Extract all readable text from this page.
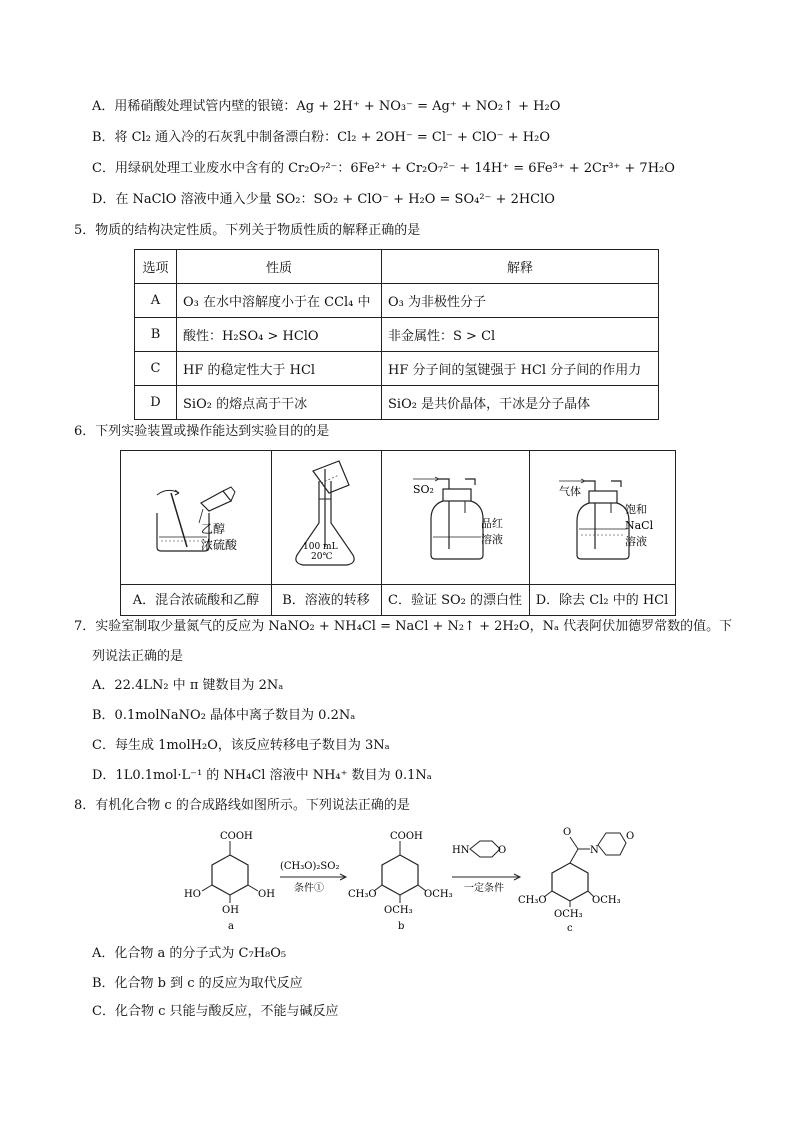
A．用稀硝酸处理试管内壁的银镜：Ag + 2H⁺ + NO₃⁻ = Ag⁺ + NO₂↑ + H₂O
B．将 Cl₂ 通入冷的石灰乳中制备漂白粉：Cl₂ + 2OH⁻ = Cl⁻ + ClO⁻ + H₂O
C．用绿矾处理工业废水中含有的 Cr₂O₇²⁻：6Fe²⁺ + Cr₂O₇²⁻ + 14H⁺ = 6Fe³⁺ + 2Cr³⁺ + 7H₂O
D．在 NaClO 溶液中通入少量 SO₂：SO₂ + ClO⁻ + H₂O = SO₄²⁻ + 2HClO
5．物质的结构决定性质。下列关于物质性质的解释正确的是
选项	性质	解释
A	O₃ 在水中溶解度小于在 CCl₄ 中	O₃ 为非极性分子
B	酸性：H₂SO₄ > HClO	非金属性：S > Cl
C	HF 的稳定性大于 HCl	HF 分子间的氢键强于 HCl 分子间的作用力
D	SiO₂ 的熔点高于干冰	SiO₂ 是共价晶体，干冰是分子晶体
6．下列实验装置或操作能达到实验目的的是
乙醇
浓硫酸
A．混合浓硫酸和乙醇
100 mL
20℃
B．溶液的转移
SO₂
品红
溶液
C．验证 SO₂ 的漂白性
气体
饱和
NaCl
溶液
D．除去 Cl₂ 中的 HCl
7．实验室制取少量氮气的反应为 NaNO₂ + NH₄Cl = NaCl + N₂↑ + 2H₂O，Nₐ 代表阿伏加德罗常数的值。下
列说法正确的是
A．22.4LN₂ 中 π 键数目为 2Nₐ
B．0.1molNaNO₂ 晶体中离子数目为 0.2Nₐ
C．每生成 1molH₂O，该反应转移电子数目为 3Nₐ
D．1L0.1mol·L⁻¹ 的 NH₄Cl 溶液中 NH₄⁺ 数目为 0.1Nₐ
8．有机化合物 c 的合成路线如图所示。下列说法正确的是
COOH
HO	OH
OH
a
(CH₃O)₂SO₂
条件①
COOH
CH₃O	OCH₃
OCH₃
b
HN	O
一定条件
O
N
O
CH₃O	OCH₃
OCH₃
c
A．化合物 a 的分子式为 C₇H₈O₅
B．化合物 b 到 c 的反应为取代反应
C．化合物 c 只能与酸反应，不能与碱反应
